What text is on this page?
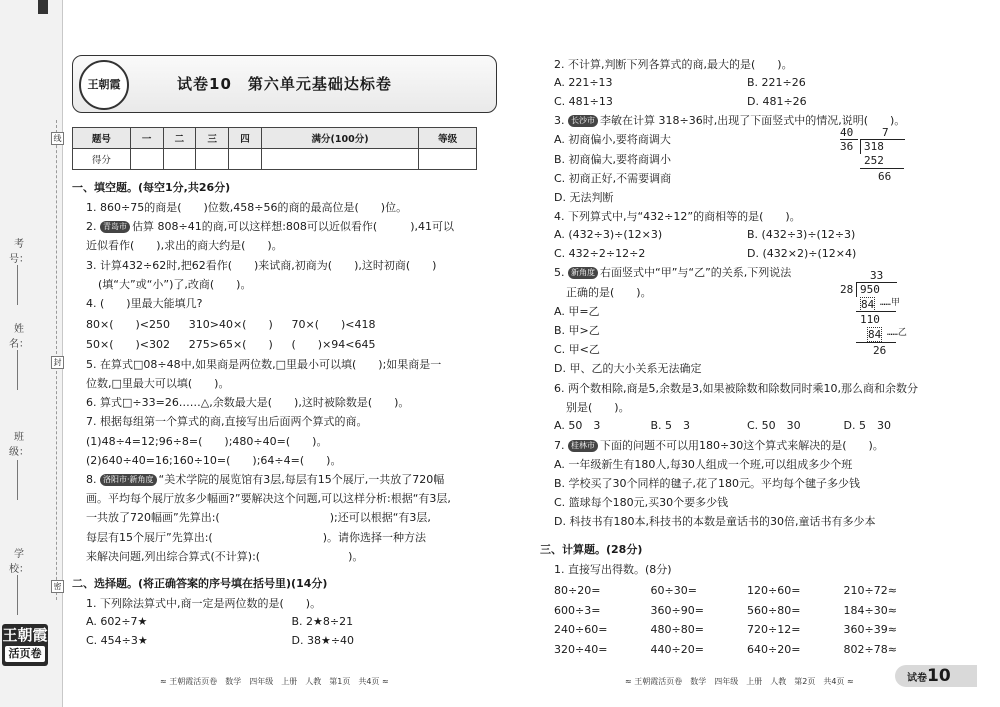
考号：
姓名：
班级：
学校：
线
封
密
王朝霞
活页卷
王朝霞	试卷10　第六单元基础达标卷
题号	一	二	三	四	满分(100分)	等级
得分						
一、填空题。(每空1分,共26分)
1. 860÷75的商是(　　)位数,458÷56的商的最高位是(　　)位。
2. 青岛市 估算 808÷41的商,可以这样想:808可以近似看作(　　　),41可以
近似看作(　　),求出的商大约是(　　)。
3. 计算432÷62时,把62看作(　　)来试商,初商为(　　),这时初商(　　)
(填“大”或“小”)了,改商(　　)。
4. (　　)里最大能填几?
80×(　　)<250	310>40×(　　)	70×(　　)<418
50×(　　)<302	275>65×(　　)	(　　)×94<645
5. 在算式□08÷48中,如果商是两位数,□里最小可以填(　　);如果商是一
位数,□里最大可以填(　　)。
6. 算式□÷33=26……△,余数最大是(　　),这时被除数是(　　)。
7. 根据每组第一个算式的商,直接写出后面两个算式的商。
(1)48÷4=12;96÷8=(　　);480÷40=(　　)。
(2)640÷40=16;160÷10=(　　);64÷4=(　　)。
8. 洛阳市·新角度 “美术学院的展览馆有3层,每层有15个展厅,一共放了720幅
画。平均每个展厅放多少幅画?”要解决这个问题,可以这样分析:根据“有3层,
一共放了720幅画”先算出:(　　　　　　　　　　);还可以根据“有3层,
每层有15个展厅”先算出:(　　　　　　　　　　)。请你选择一种方法
来解决问题,列出综合算式(不计算):(　　　　　　　　)。
二、选择题。(将正确答案的序号填在括号里)(14分)
1. 下列除法算式中,商一定是两位数的是(　　)。
A. 602÷7★	B. 2★8÷21
C. 454÷3★	D. 38★÷40
2. 不计算,判断下列各算式的商,最大的是(　　)。
A. 221÷13	B. 221÷26
C. 481÷13	D. 481÷26
3. 长沙市 李敏在计算 318÷36时,出现了下面竖式中的情况,说明(　　)。
A. 初商偏小,要将商调大
B. 初商偏大,要将商调小
C. 初商正好,不需要调商
D. 无法判断
7
40
36 318
252
66
4. 下列算式中,与“432÷12”的商相等的是(　　)。
A. (432÷3)÷(12×3)	B. (432÷3)÷(12÷3)
C. 432÷2÷12÷2	D. (432×2)÷(12×4)
5. 新角度 右面竖式中“甲”与“乙”的关系,下列说法
正确的是(　　)。
A. 甲=乙
B. 甲>乙
C. 甲<乙
D. 甲、乙的大小关系无法确定
33
28 950
84 ……甲
110
84 ……乙
26
6. 两个数相除,商是5,余数是3,如果被除数和除数同时乘10,那么商和余数分
别是(　　)。
A. 50　3	B. 5　3	C. 50　30	D. 5　30
7. 桂林市 下面的问题不可以用180÷30这个算式来解决的是(　　)。
A. 一年级新生有180人,每30人组成一个班,可以组成多少个班
B. 学校买了30个同样的毽子,花了180元。平均每个毽子多少钱
C. 篮球每个180元,买30个要多少钱
D. 科技书有180本,科技书的本数是童话书的30倍,童话书有多少本
三、计算题。(28分)
1. 直接写出得数。(8分)
80÷20=	60÷30=	120÷60=	210÷72≈
600÷3=	360÷90=	560÷80=	184÷30≈
240÷60=	480÷80=	720÷12=	360÷39≈
320÷40=	440÷20=	640÷20=	802÷78≈
≈ 王朝霞活页卷　数学　四年级　上册　人教　第1页　共4页 ≈	≈ 王朝霞活页卷　数学　四年级　上册　人教　第2页　共4页 ≈	试卷10
